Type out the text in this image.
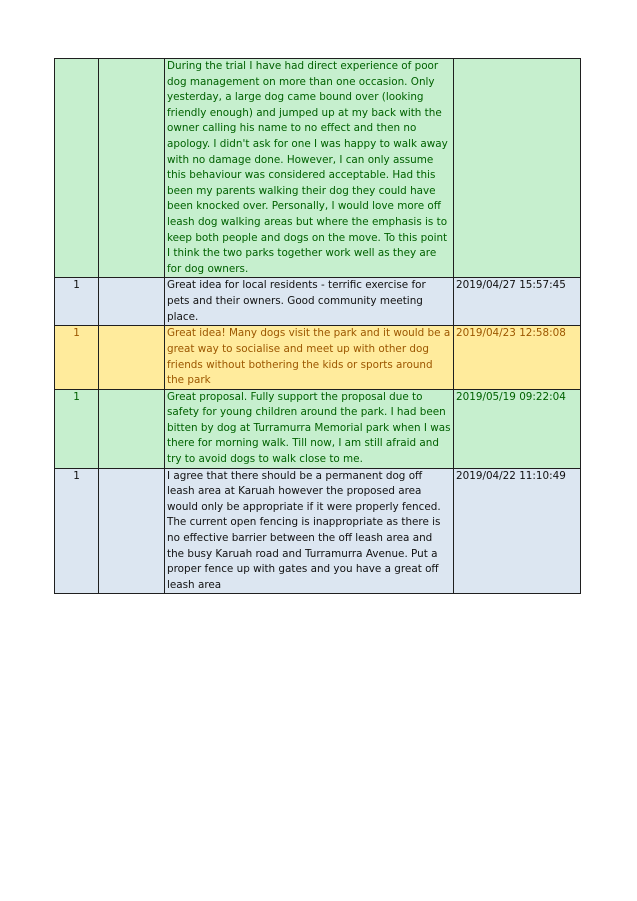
		During the trial I have had direct experience of poor dog management on more than one occasion. Only yesterday, a large dog came bound over (looking friendly enough) and jumped up at my back with the owner calling his name to no effect and then no apology. I didn't ask for one I was happy to walk away with no damage done. However, I can only assume this behaviour was considered acceptable. Had this been my parents walking their dog they could have been knocked over. Personally, I would love more off leash dog walking areas but where the emphasis is to keep both people and dogs on the move. To this point I think the two parks together work well as they are for dog owners.	
1		Great idea for local residents - terrific exercise for pets and their owners. Good community meeting place.	2019/04/27 15:57:45
1		Great idea! Many dogs visit the park and it would be a great way to socialise and meet up with other dog friends without bothering the kids or sports around the park	2019/04/23 12:58:08
1		Great proposal. Fully support the proposal due to safety for young children around the park. I had been bitten by dog at Turramurra Memorial park when I was there for morning walk. Till now, I am still afraid and try to avoid dogs to walk close to me.	2019/05/19 09:22:04
1		I agree that there should be a permanent dog off leash area at Karuah however the proposed area would only be appropriate if it were properly fenced. The current open fencing is inappropriate as there is no effective barrier between the off leash area and the busy Karuah road and Turramurra Avenue. Put a proper fence up with gates and you have a great off leash area	2019/04/22 11:10:49
